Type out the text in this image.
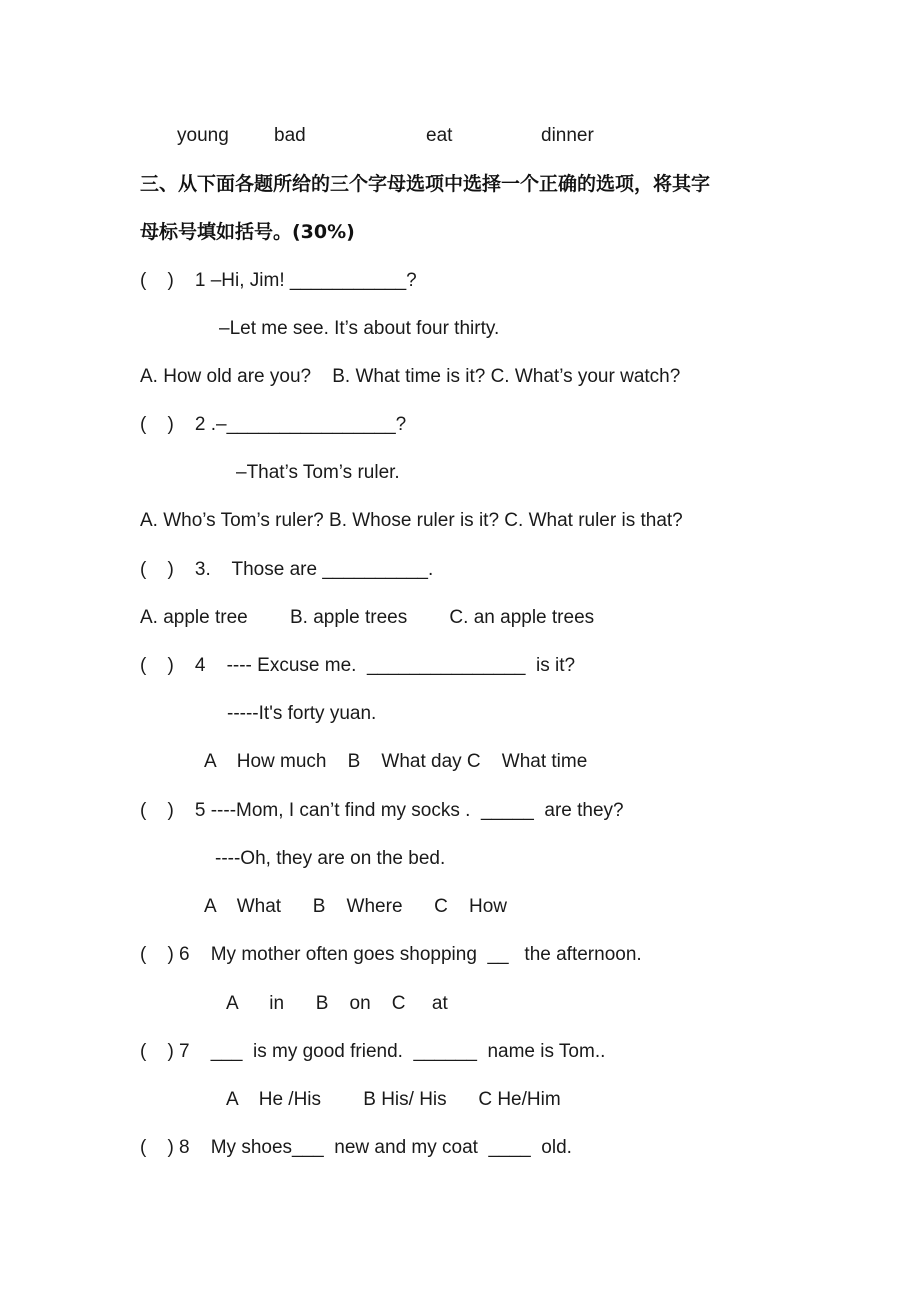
young bad	eat	dinner
三、从下面各题所给的三个字母选项中选择一个正确的选项，将其字
母标号填如括号。(30%)
(    )    1 –Hi, Jim! ___________?
–Let me see. It’s about four thirty.
A. How old are you?    B. What time is it? C. What’s your watch?
(    )    2 .–________________?
–That’s Tom’s ruler.
A. Who’s Tom’s ruler? B. Whose ruler is it? C. What ruler is that?
(    )    3.    Those are __________.
A. apple tree        B. apple trees        C. an apple trees
(    )    4    ---- Excuse me.  _______________  is it?
-----It's forty yuan.
A    How much    B    What day C    What time
(    )    5 ----Mom, I can’t find my socks .  _____  are they?
----Oh, they are on the bed.
A    What      B    Where      C    How
(    ) 6    My mother often goes shopping  __   the afternoon.
A      in      B    on    C     at
(    ) 7    ___  is my good friend.  ______  name is Tom..
A    He /His        B His/ His      C He/Him
(    ) 8    My shoes___  new and my coat  ____  old.
